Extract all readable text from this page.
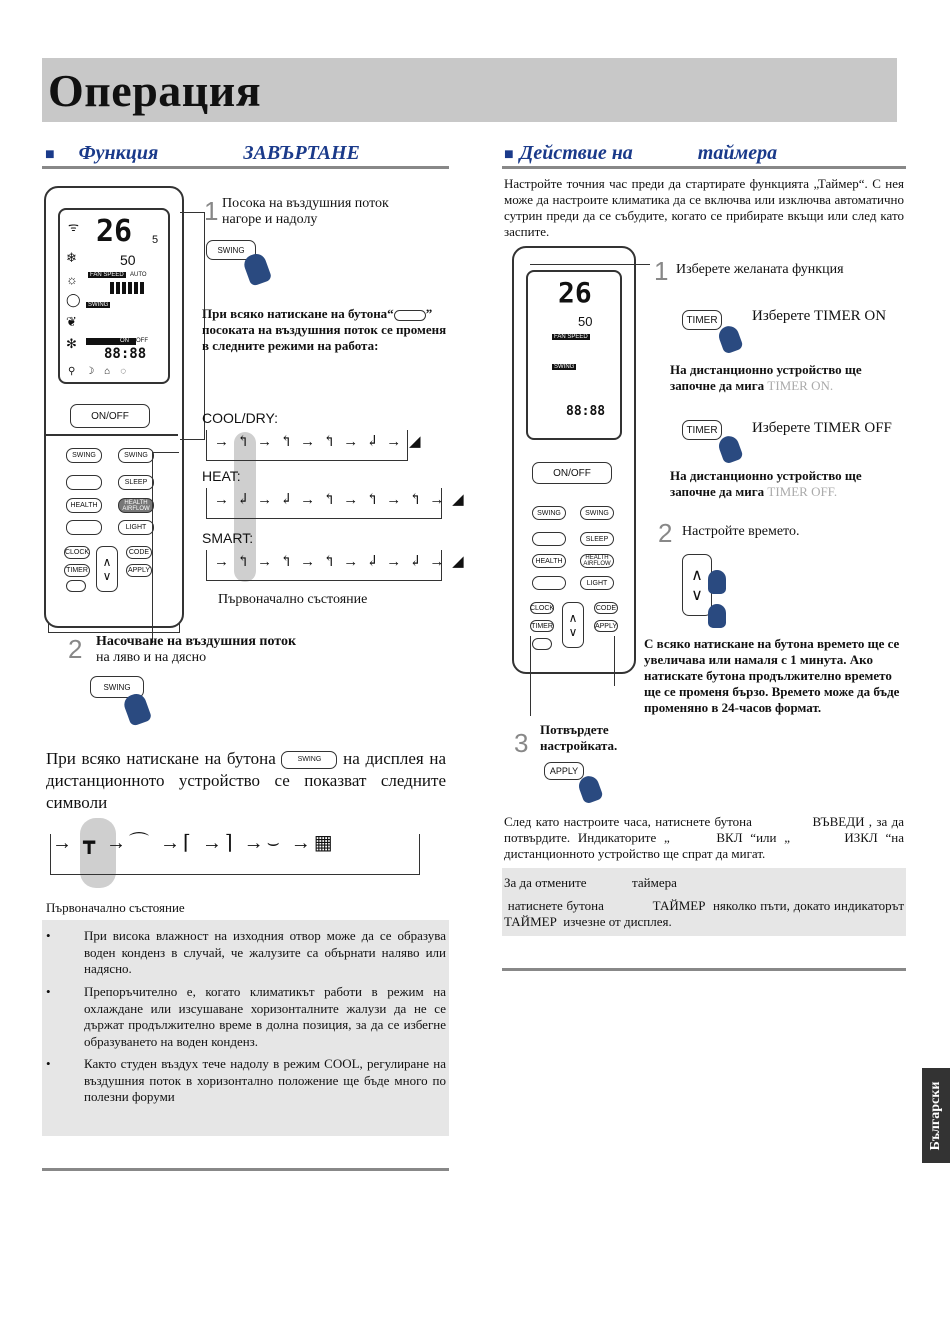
Операция
■ Функция                 ЗАВЪРТАНЕ
26 5
ᯤ
❄
☼
◯
❦
✻
50
FAN SPEED	AUTO
SWING
ON OFF
88:88
⚲☽⌂◌
ON/OFF
SWING	SWING
SLEEP
HEALTH	HEALTH AIRFLOW
LIGHT
CLOCK	CODE
TIMER	APPLY
∧
∨
1 Посока на въздушния поток нагоре и надолу
SWING
При всяко натискане на бутона“ ” посоката на въздушния поток се променя в следните режими на работа:
COOL/DRY:
→ ↰ → ↰ → ↰ → ↲ → ◢
HEAT:
→ ↲ → ↲ → ↰ → ↰ → ↰ → ◢
SMART:
→ ↰ → ↰ → ↰ → ↲ → ↲ → ◢
Първоначално състояние
2 Насочване на въздушния поток
на ляво и на дясно
SWING
При всяко натискане на бутона	SWING на дисплея на дистанционното устройство се показват следните символи
→ ┳ →⌒ →⌈ →⌉ →⌣ →▦
Първоначално състояние
•	При висока влажност на изходния отвор може да се образува воден конденз в случай, че жалузите са обърнати наляво или надясно.
•	Препоръчително е, когато климатикът работи в режим на охлаждане или изсушаване хоризонталните жалузи да не се държат продължително време в долна позиция, за да се избегне образуването на воден конденз.
•	Както студен въздух тече надолу в режим COOL, регулиране на въздушния поток в хоризонтално положение ще бъде много по полезни форуми
■ Действие на             таймера
Настройте точния час преди да стартирате функцията „Таймер“. С нея може да настроите климатика да се включва или изключва автоматично сутрин преди да се събудите, когато се прибирате вкъщи или след като заспите.
26
50
FAN SPEED
SWING
88:88
ON/OFF
SWING	SWING
SLEEP
HEALTH	HEALTH AIRFLOW
LIGHT
CLOCK	CODE
TIMER	APPLY
∧
∨
1 Изберете желаната функция
TIMER Изберете TIMER ON
На дистанционно устройство ще започне да мига TIMER ON.
TIMER Изберете TIMER OFF
На дистанционно устройство ще започне да мига TIMER OFF.
2 Настройте времето.
∧
∨
С всяко натискане на бутона времето ще се увеличава или намаля с 1 минута. Ако натискате бутона продължително времето ще се променя бързо. Времето може да бъде променяно в 24-часов формат.
3 Потвърдете настройката.
APPLY
След като настроите часа, натиснете бутона              ВЪВЕДИ , за да потвърдите. Индикаторите „      ВКЛ “или „       ИЗКЛ “на дистанционното устройство ще спрат да мигат.
За да отмените              таймера
натиснете бутона             ТАЙМЕР  няколко пъти, докато индикаторът            ТАЙМЕР  изчезне от дисплея.
Български
